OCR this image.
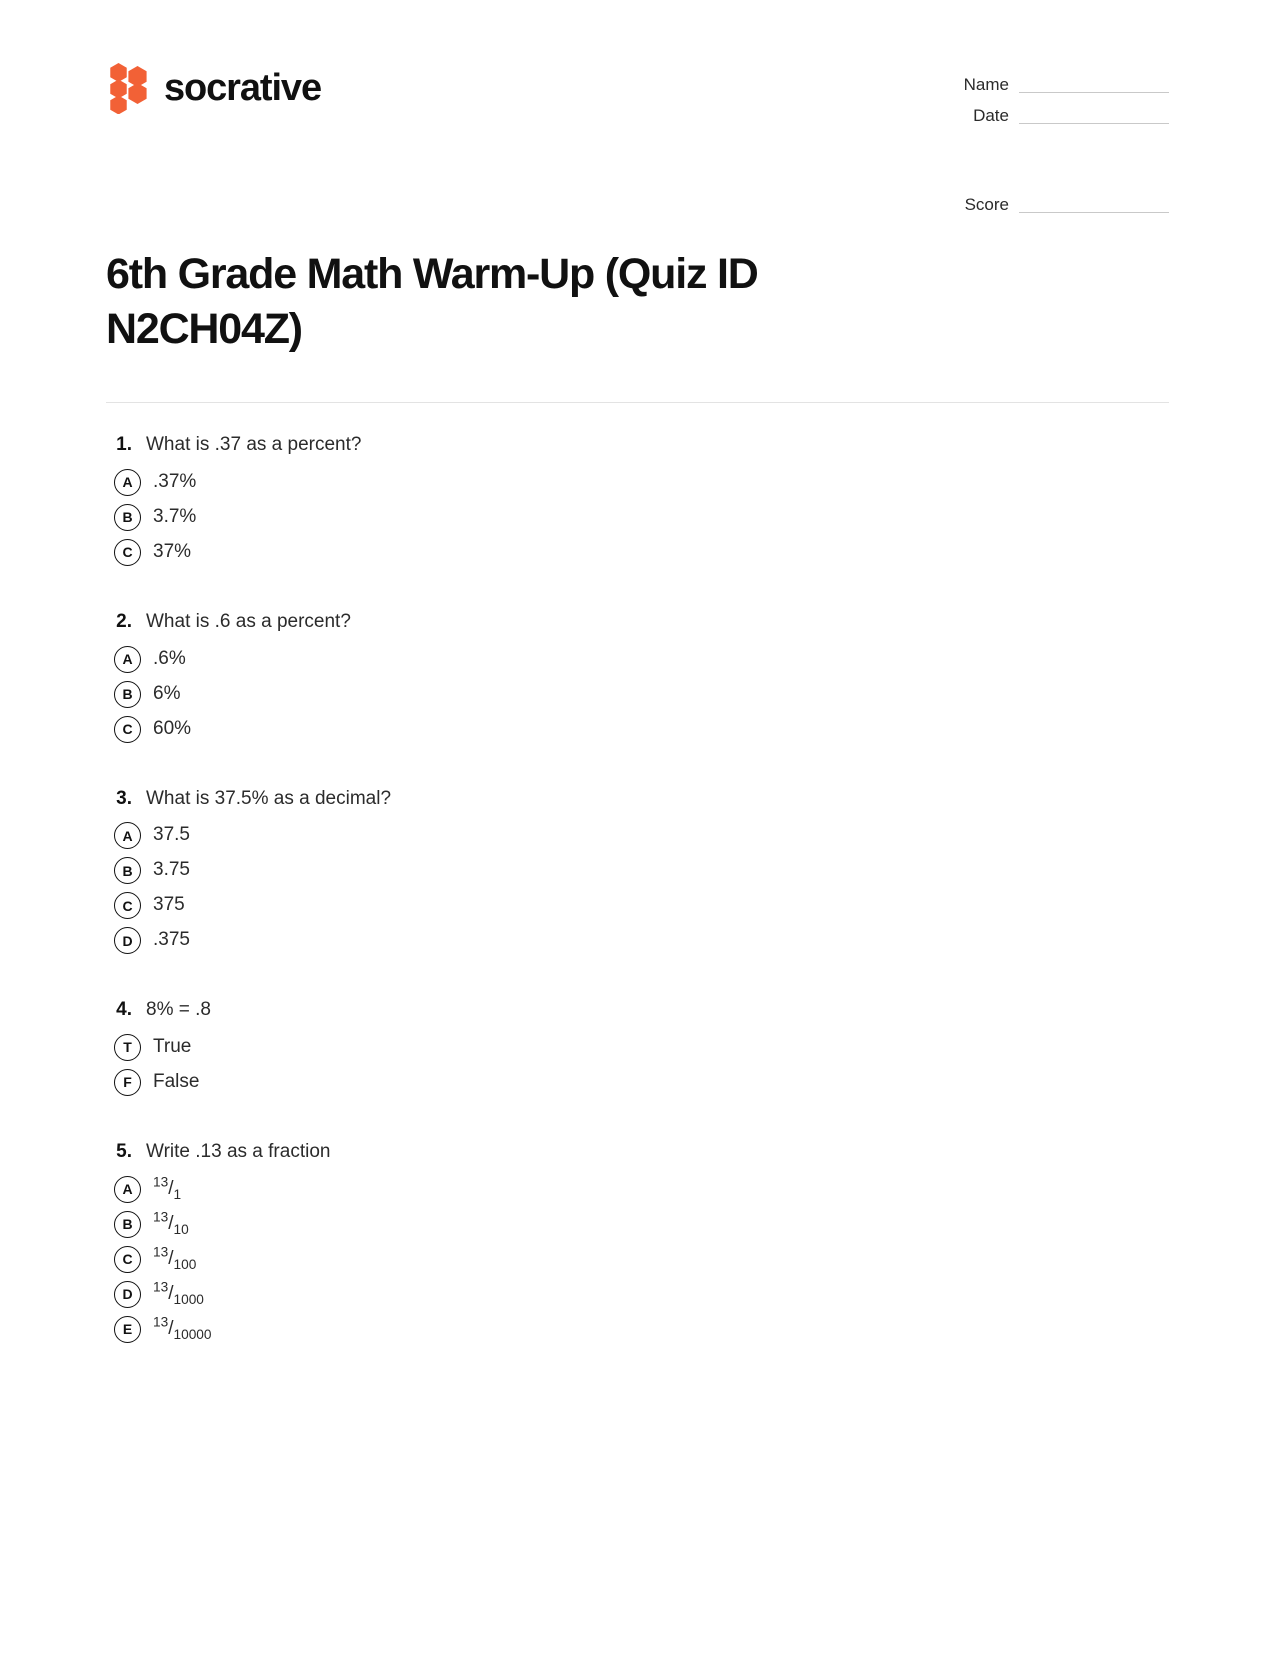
socrative	Name
Date
Score
6th Grade Math Warm-Up (Quiz ID N2CH04Z)
1. What is .37 as a percent?
A	.37%
B	3.7%
C	37%
2. What is .6 as a percent?
A	.6%
B	6%
C	60%
3. What is 37.5% as a decimal?
A	37.5
B	3.75
C	375
D	.375
4. 8% = .8
T	True
F	False
5. Write .13 as a fraction
A	$^{13}/_1$
B	$^{13}/_{10}$
C	$^{13}/_{100}$
D	$^{13}/_{1000}$
E	$^{13}/_{10000}$
